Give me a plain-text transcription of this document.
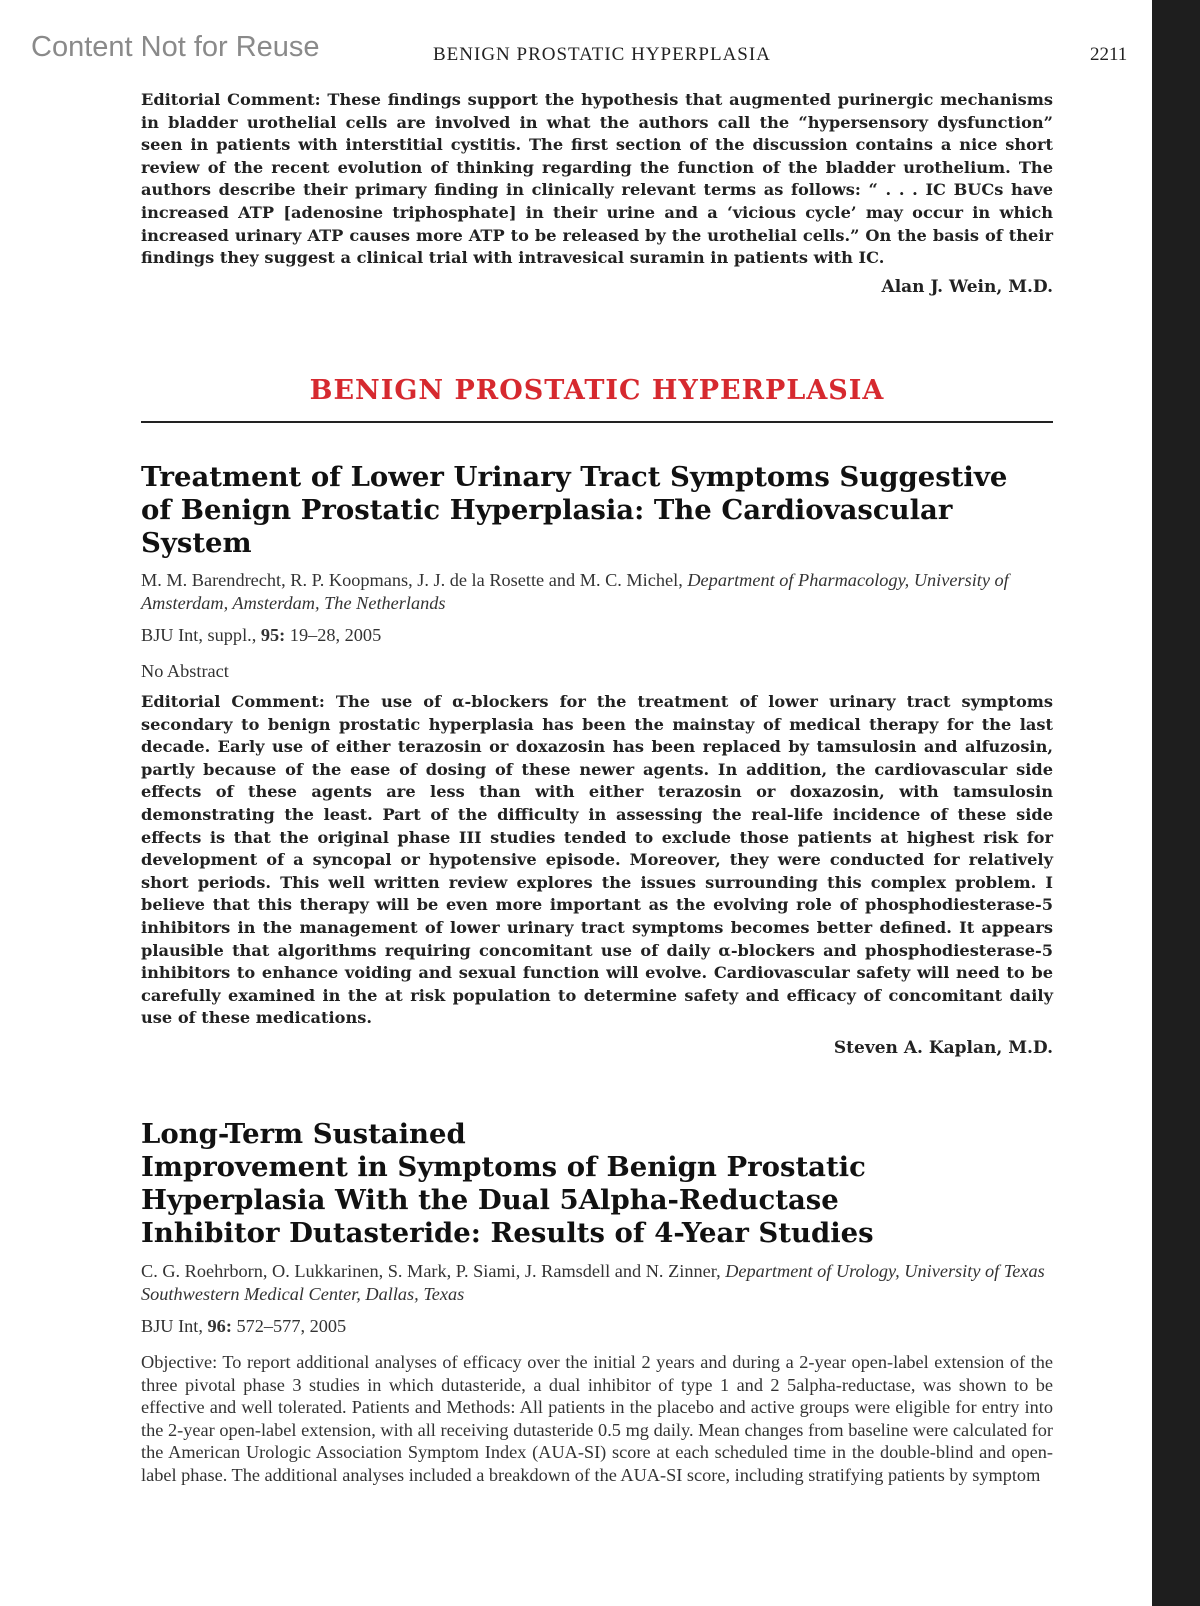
Content Not for Reuse	BENIGN PROSTATIC HYPERPLASIA	2211

Editorial Comment: These findings support the hypothesis that augmented purinergic mechanisms in bladder urothelial cells are involved in what the authors call the “hypersensory dysfunction” seen in patients with interstitial cystitis. The first section of the discussion contains a nice short review of the recent evolution of thinking regarding the function of the bladder urothelium. The authors describe their primary finding in clinically relevant terms as follows: “ . . . IC BUCs have increased ATP [adenosine triphosphate] in their urine and a ‘vicious cycle’ may occur in which increased urinary ATP causes more ATP to be released by the urothelial cells.” On the basis of their findings they suggest a clinical trial with intravesical suramin in patients with IC.

Alan J. Wein, M.D.

BENIGN PROSTATIC HYPERPLASIA
Treatment of Lower Urinary Tract Symptoms Suggestive
of Benign Prostatic Hyperplasia: The Cardiovascular System

M. M. Barendrecht, R. P. Koopmans, J. J. de la Rosette and M. C. Michel, Department of Pharmacology, University of Amsterdam, Amsterdam, The Netherlands

BJU Int, suppl., 95: 19–28, 2005

No Abstract

Editorial Comment: The use of α-blockers for the treatment of lower urinary tract symptoms secondary to benign prostatic hyperplasia has been the mainstay of medical therapy for the last decade. Early use of either terazosin or doxazosin has been replaced by tamsulosin and alfuzosin, partly because of the ease of dosing of these newer agents. In addition, the cardiovascular side effects of these agents are less than with either terazosin or doxazosin, with tamsulosin demonstrating the least. Part of the difficulty in assessing the real-life incidence of these side effects is that the original phase III studies tended to exclude those patients at highest risk for development of a syncopal or hypotensive episode. Moreover, they were conducted for relatively short periods. This well written review explores the issues surrounding this complex problem. I believe that this therapy will be even more important as the evolving role of phosphodiesterase-5 inhibitors in the management of lower urinary tract symptoms becomes better defined. It appears plausible that algorithms requiring concomitant use of daily α-blockers and phosphodiesterase-5 inhibitors to enhance voiding and sexual function will evolve. Cardiovascular safety will need to be carefully examined in the at risk population to determine safety and efficacy of concomitant daily use of these medications.

Steven A. Kaplan, M.D.

Long-Term Sustained
Improvement in Symptoms of Benign Prostatic
Hyperplasia With the Dual 5Alpha-Reductase
Inhibitor Dutasteride: Results of 4-Year Studies

C. G. Roehrborn, O. Lukkarinen, S. Mark, P. Siami, J. Ramsdell and N. Zinner, Department of Urology, University of Texas Southwestern Medical Center, Dallas, Texas

BJU Int, 96: 572–577, 2005

Objective: To report additional analyses of efficacy over the initial 2 years and during a 2-year open-label extension of the three pivotal phase 3 studies in which dutasteride, a dual inhibitor of type 1 and 2 5alpha-reductase, was shown to be effective and well tolerated. Patients and Methods: All patients in the placebo and active groups were eligible for entry into the 2-year open-label extension, with all receiving dutasteride 0.5 mg daily. Mean changes from baseline were calculated for the American Urologic Association Symptom Index (AUA-SI) score at each scheduled time in the double-blind and open-label phase. The additional analyses included a breakdown of the AUA-SI score, including stratifying patients by symptom
